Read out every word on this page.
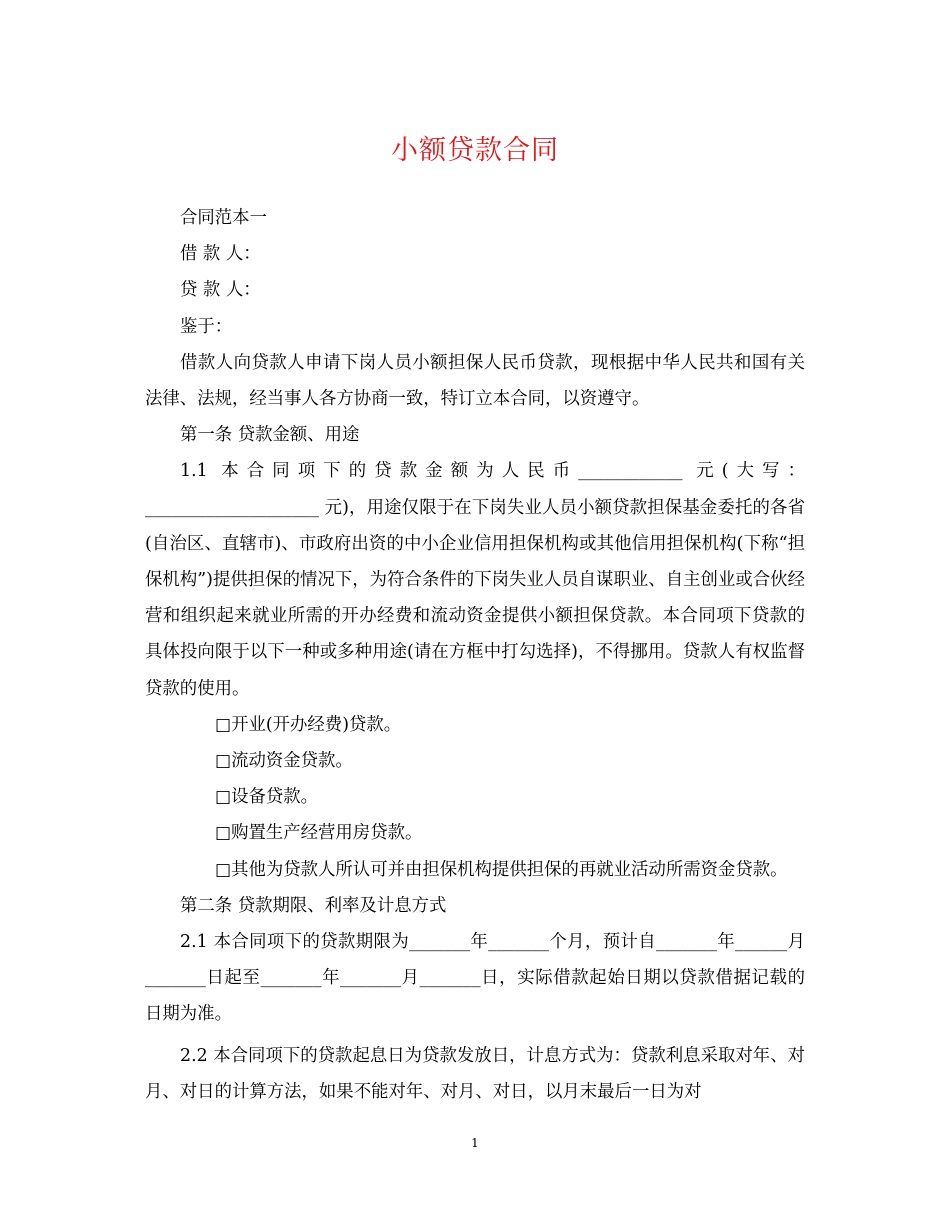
小额贷款合同

合同范本一

借 款 人：

贷 款 人：

鉴于：

借款人向贷款人申请下岗人员小额担保人民币贷款，现根据中华人民共和国有关法律、法规，经当事人各方协商一致，特订立本合同，以资遵守。

第一条 贷款金额、用途

1.1 本合同项下的贷款金额为人民币____________ 元(大写：____________________ 元)，用途仅限于在下岗失业人员小额贷款担保基金委托的各省(自治区、直辖市)、市政府出资的中小企业信用担保机构或其他信用担保机构(下称“担保机构”)提供担保的情况下，为符合条件的下岗失业人员自谋职业、自主创业或合伙经营和组织起来就业所需的开办经费和流动资金提供小额担保贷款。本合同项下贷款的具体投向限于以下一种或多种用途(请在方框中打勾选择)，不得挪用。贷款人有权监督贷款的使用。

□开业(开办经费)贷款。

□流动资金贷款。

□设备贷款。

□购置生产经营用房贷款。

□其他为贷款人所认可并由担保机构提供担保的再就业活动所需资金贷款。

第二条 贷款期限、利率及计息方式

2.1 本合同项下的贷款期限为_______年_______个月，预计自_______年______月_______日起至_______年_______月_______日，实际借款起始日期以贷款借据记载的日期为准。

2.2 本合同项下的贷款起息日为贷款发放日，计息方式为：贷款利息采取对年、对月、对日的计算方法，如果不能对年、对月、对日，以月末最后一日为对

1
